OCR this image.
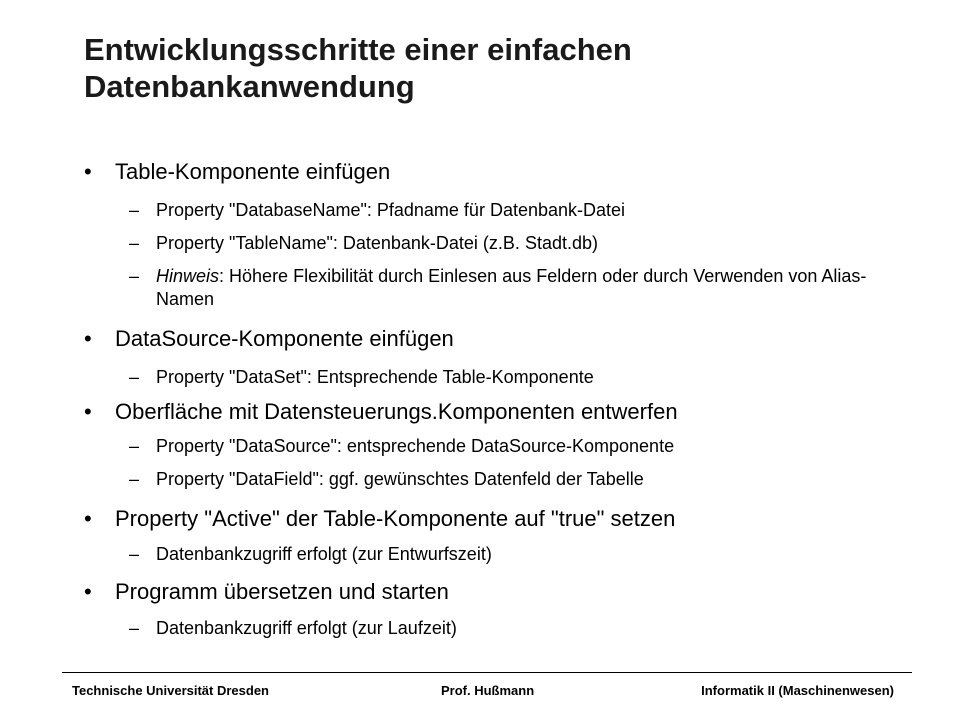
Entwicklungsschritte einer einfachen Datenbankanwendung
• Table-Komponente einfügen
– Property "DatabaseName": Pfadname für Datenbank-Datei
– Property "TableName": Datenbank-Datei (z.B. Stadt.db)
– Hinweis: Höhere Flexibilität durch Einlesen aus Feldern oder durch Verwenden von Alias-Namen
• DataSource-Komponente einfügen
– Property "DataSet": Entsprechende Table-Komponente
• Oberfläche mit Datensteuerungs.Komponenten entwerfen
– Property "DataSource": entsprechende DataSource-Komponente
– Property "DataField": ggf. gewünschtes Datenfeld der Tabelle
• Property "Active" der Table-Komponente auf "true" setzen
– Datenbankzugriff erfolgt (zur Entwurfszeit)
• Programm übersetzen und starten
– Datenbankzugriff erfolgt (zur Laufzeit)
Technische Universität Dresden	Prof. Hußmann	Informatik II (Maschinenwesen)
